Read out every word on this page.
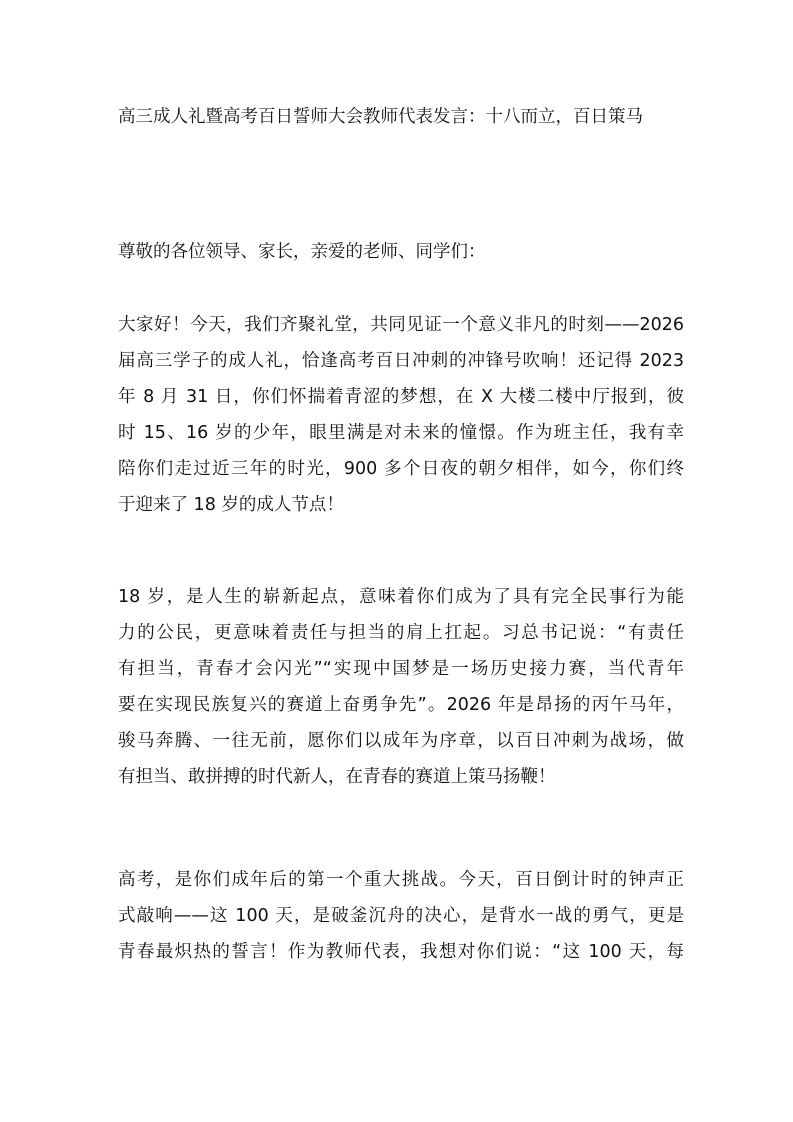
高三成人礼暨高考百日誓师大会教师代表发言：十八而立，百日策马
尊敬的各位领导、家长，亲爱的老师、同学们：
大家好！今天，我们齐聚礼堂，共同见证一个意义非凡的时刻——2026
届高三学子的成人礼，恰逢高考百日冲刺的冲锋号吹响！还记得 2023
年 8 月 31 日，你们怀揣着青涩的梦想，在 X 大楼二楼中厅报到，彼
时 15、16 岁的少年，眼里满是对未来的憧憬。作为班主任，我有幸
陪你们走过近三年的时光，900 多个日夜的朝夕相伴，如今，你们终
于迎来了 18 岁的成人节点！
18 岁，是人生的崭新起点，意味着你们成为了具有完全民事行为能
力的公民，更意味着责任与担当的肩上扛起。习总书记说：“有责任
有担当，青春才会闪光”“实现中国梦是一场历史接力赛，当代青年
要在实现民族复兴的赛道上奋勇争先”。2026 年是昂扬的丙午马年，
骏马奔腾、一往无前，愿你们以成年为序章，以百日冲刺为战场，做
有担当、敢拼搏的时代新人，在青春的赛道上策马扬鞭！
高考，是你们成年后的第一个重大挑战。今天，百日倒计时的钟声正
式敲响——这 100 天，是破釜沉舟的决心，是背水一战的勇气，更是
青春最炽热的誓言！作为教师代表，我想对你们说：“这 100 天，每
